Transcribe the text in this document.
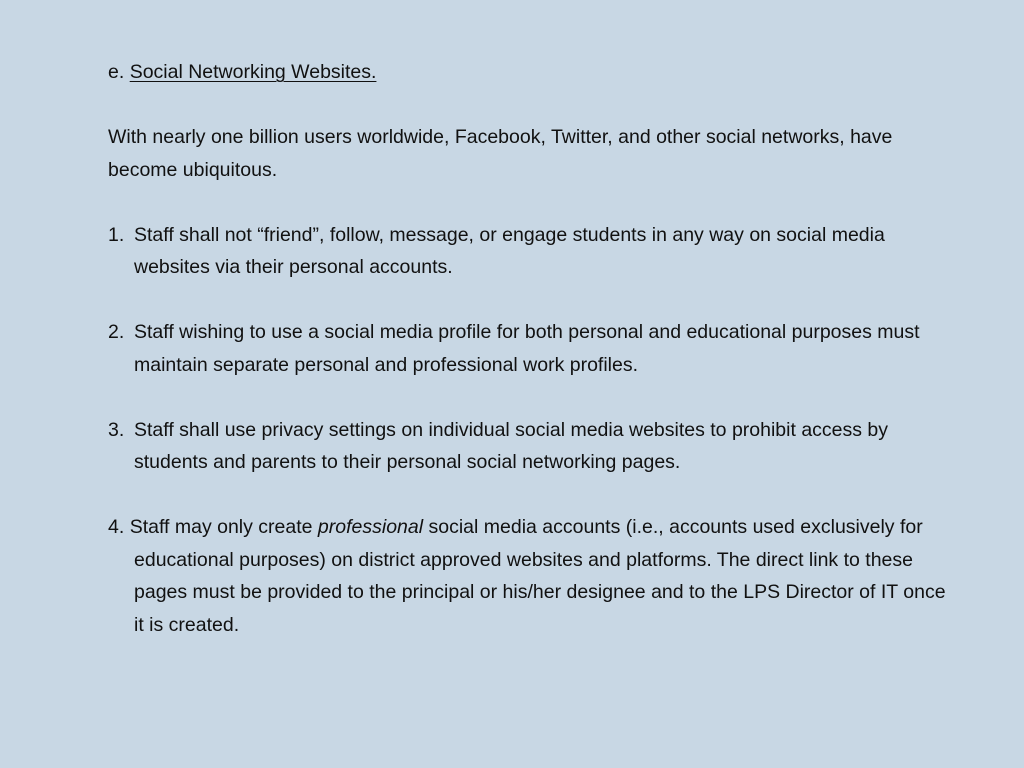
e. Social Networking Websites.

With nearly one billion users worldwide, Facebook, Twitter, and other social networks, have become ubiquitous.

1. Staff shall not “friend”, follow, message, or engage students in any way on social media websites via their personal accounts.
2. Staff wishing to use a social media profile for both personal and educational purposes must maintain separate personal and professional work profiles.
3. Staff shall use privacy settings on individual social media websites to prohibit access by students and parents to their personal social networking pages.
4. Staff may only create professional social media accounts (i.e., accounts used exclusively for educational purposes) on district approved websites and platforms. The direct link to these pages must be provided to the principal or his/her designee and to the LPS Director of IT once it is created.
